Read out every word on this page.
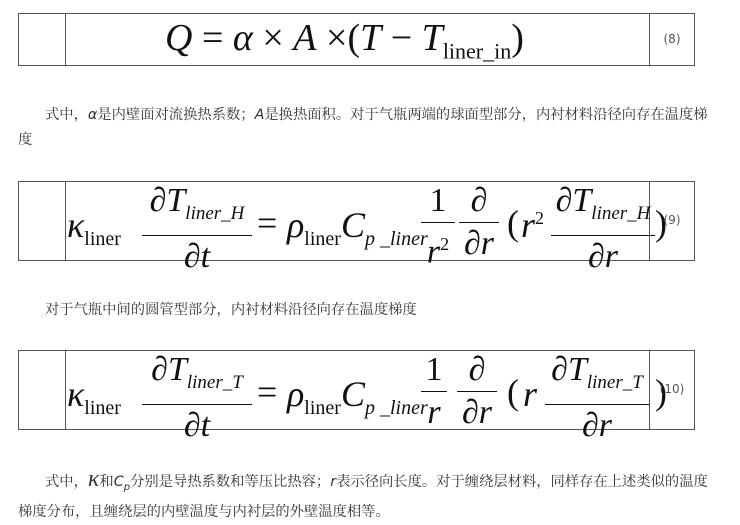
$Q = \alpha \times A \times(T - T_{liner\_in})$	(8)
式中，α是内壁面对流换热系数；A是换热面积。对于气瓶两端的球面型部分，内衬材料沿径向存在温度梯度
$\kappa_{liner}$
$\partial T_{liner\_H}$
∂t
= $\rho_{liner}C_{p \_liner}$
1
$r^2$
∂
∂r
( $r^2$ $\partial T_{liner\_H}$
∂r
)
(9)
对于气瓶中间的圆管型部分，内衬材料沿径向存在温度梯度
$\kappa_{liner}$
$\partial T_{liner\_T}$
∂t
= $\rho_{liner}C_{p \_liner}$
1
r
∂
∂r
( r
$\partial T_{liner\_T}$
∂r
)
(10)
式中，κ和$C_p$分别是导热系数和等压比热容；r表示径向长度。对于缠绕层材料，同样存在上述类似的温度梯度分布，且缠绕层的内壁温度与内衬层的外壁温度相等。
